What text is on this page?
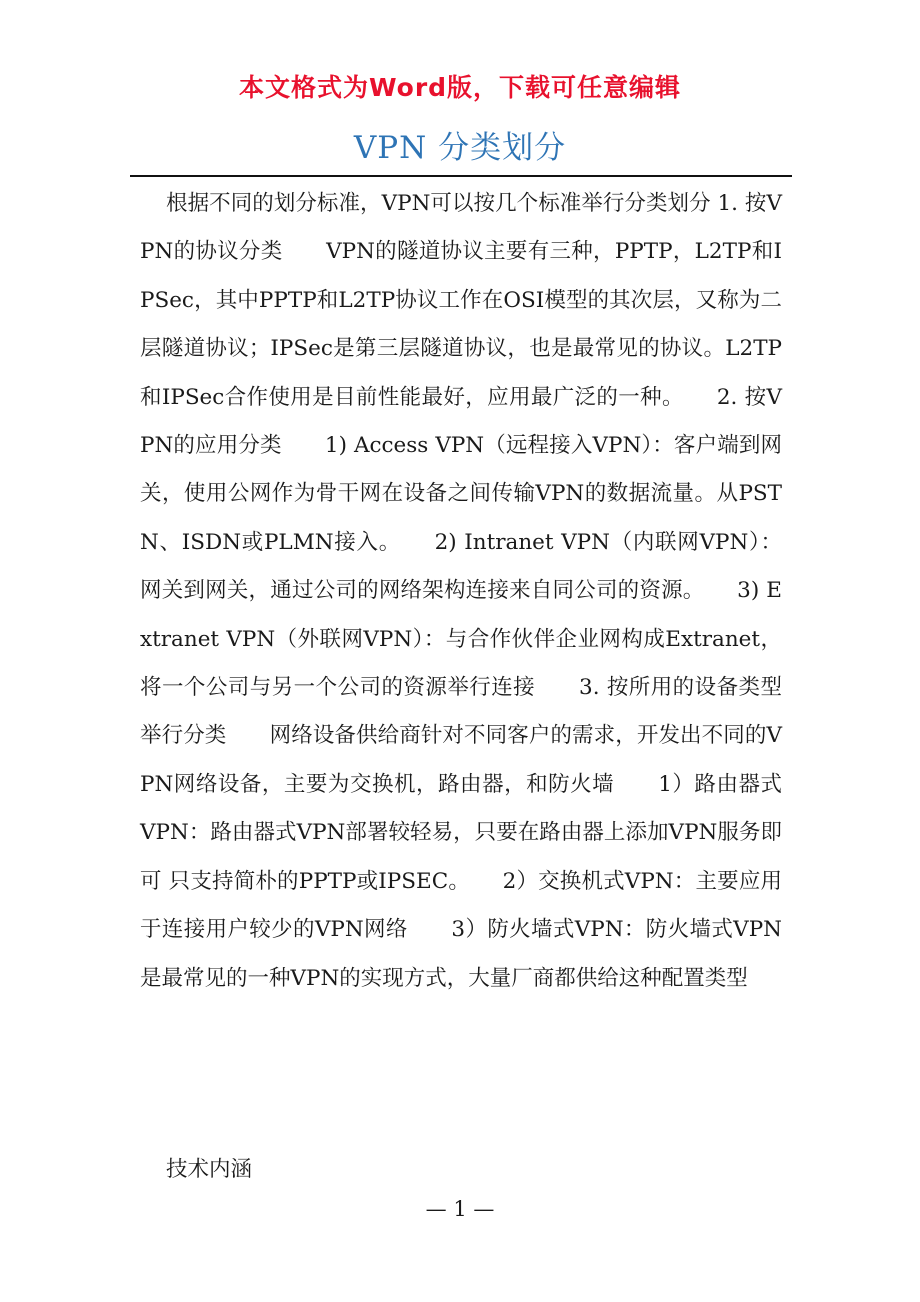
本文格式为Word版，下载可任意编辑
VPN 分类划分

根据不同的划分标准，VPN可以按几个标准举行分类划分 1. 按VPN的协议分类　　VPN的隧道协议主要有三种，PPTP，L2TP和IPSec，其中PPTP和L2TP协议工作在OSI模型的其次层，又称为二层隧道协议；IPSec是第三层隧道协议，也是最常见的协议。L2TP和IPSec合作使用是目前性能最好，应用最广泛的一种。　　2. 按VPN的应用分类　　1) Access VPN（远程接入VPN）：客户端到网关，使用公网作为骨干网在设备之间传输VPN的数据流量。从PSTN、ISDN或PLMN接入。　　2) Intranet VPN（内联网VPN）：网关到网关，通过公司的网络架构连接来自同公司的资源。　　3) Extranet VPN（外联网VPN）：与合作伙伴企业网构成Extranet，将一个公司与另一个公司的资源举行连接　　3. 按所用的设备类型举行分类　　网络设备供给商针对不同客户的需求，开发出不同的VPN网络设备，主要为交换机，路由器，和防火墙　　1）路由器式VPN：路由器式VPN部署较轻易，只要在路由器上添加VPN服务即可 只支持简朴的PPTP或IPSEC。　　2）交换机式VPN：主要应用于连接用户较少的VPN网络　　3）防火墙式VPN：防火墙式VPN是最常见的一种VPN的实现方式，大量厂商都供给这种配置类型

技术内涵

— 1 —
